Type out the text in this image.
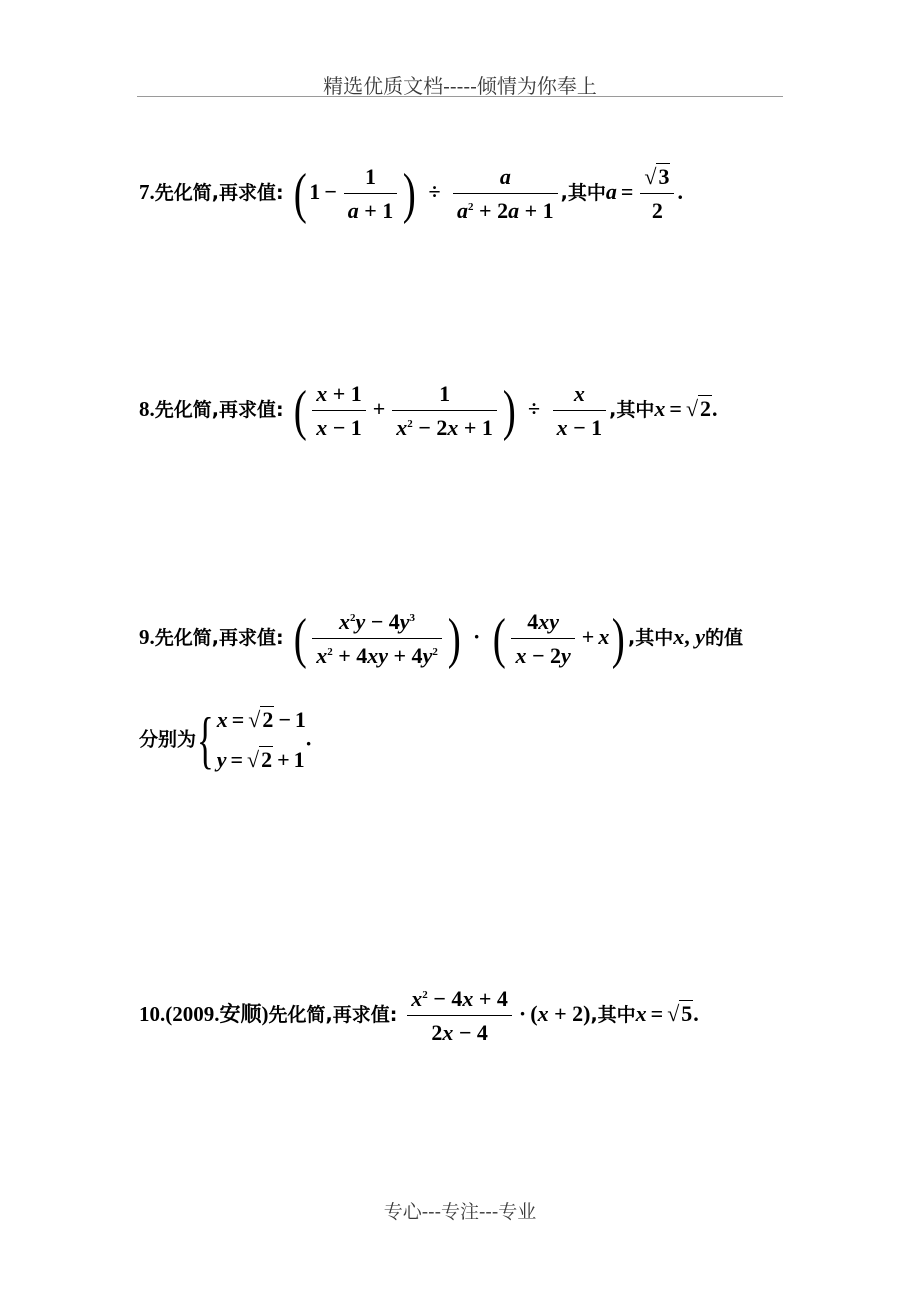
精选优质文档-----倾情为你奉上
7.先化简,再求值: ( $1 - \frac{1}{a + 1}$ ) ÷ $\frac{a}{a^2 + 2a + 1}$ ,其中$a = \frac{√3}{2}$ .
8.先化简,再求值: ( $\frac{x + 1}{x - 1} + \frac{1}{x^2 - 2x + 1}$ ) ÷ $\frac{x}{x - 1}$ ,其中x = √2.
9.先化简,再求值: ( $\frac{x^2y - 4y^3}{x^2 + 4xy + 4y^2}$ ) · ( $\frac{4xy}{x - 2y} + x$) ,其中x, y的值
分别为{ x = √2 − 1
y = √2 + 1
.
10.(2009.安顺)先化简,再求值: $\frac{x^2 - 4x + 4}{2x - 4} \cdot (x + 2)$,其中x = √5.
专心---专注---专业
